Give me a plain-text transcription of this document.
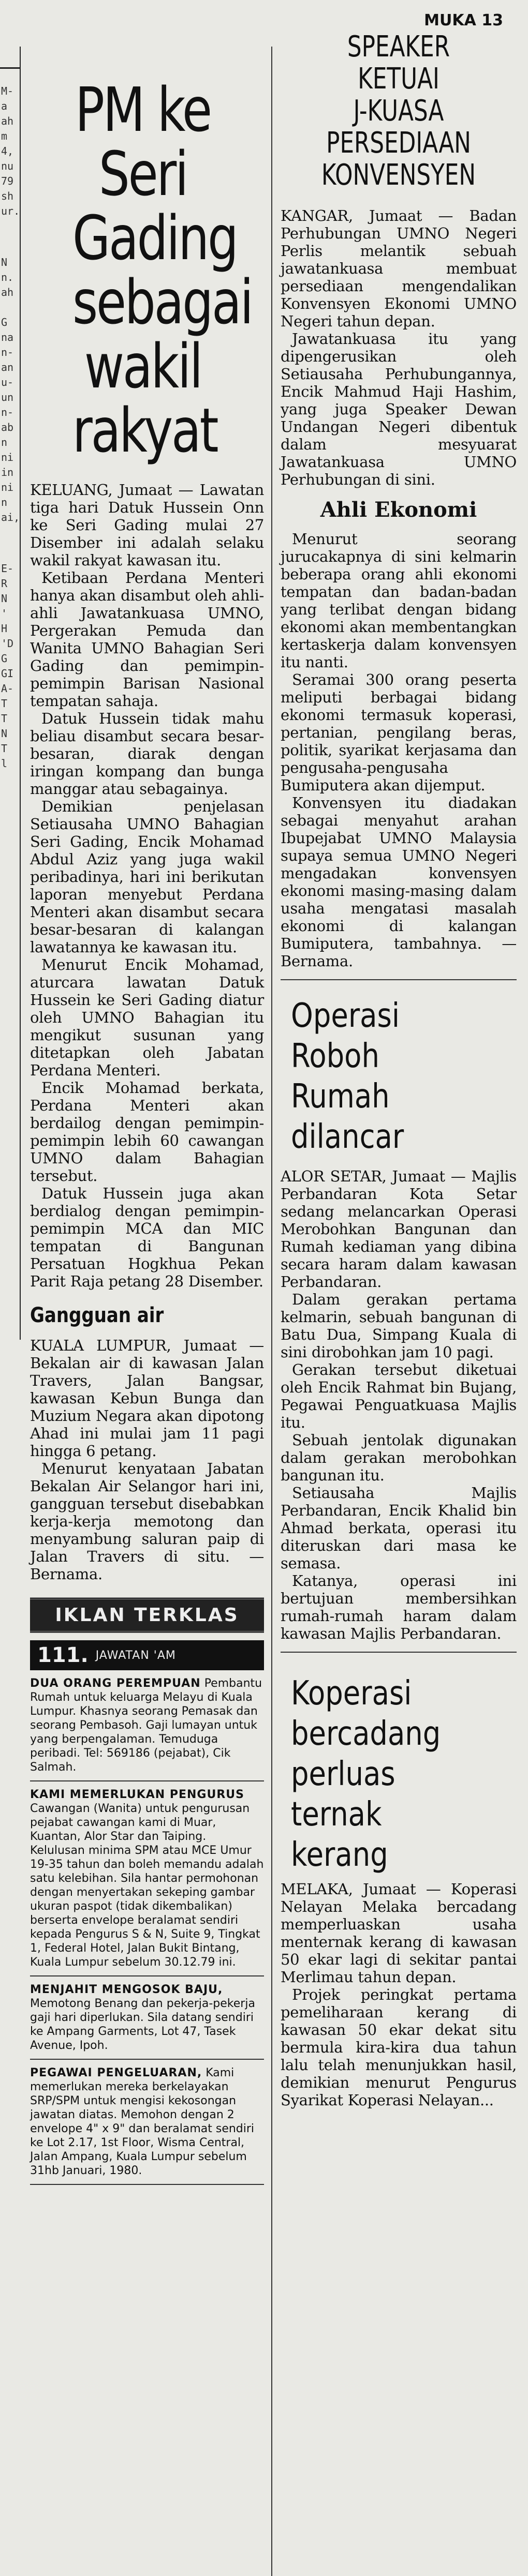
MUKA 13

M-
a
ah
m
4,
nu
79
sh
ur.
N
n.
ah

G
na
n-
an
u-
un
n-
ab
n
ni
in
ni
n
ai,
E-
R
N
'
H
'D
G
GI
A-
T
T
N
T
l
PM ke
Seri
Gading
sebagai
wakil
rakyat

KELUANG, Jumaat — Lawatan tiga hari Datuk Hussein Onn ke Seri Gading mulai 27 Disember ini adalah selaku wakil rakyat kawasan itu.

Ketibaan Perdana Menteri hanya akan disambut oleh ahli-ahli Jawatankuasa UMNO, Pergerakan Pemuda dan Wanita UMNO Bahagian Seri Gading dan pemimpin-pemimpin Barisan Nasional tempatan sahaja.

Datuk Hussein tidak mahu beliau disambut secara besar-besaran, diarak dengan iringan kompang dan bunga manggar atau sebagainya.

Demikian penjelasan Setiausaha UMNO Bahagian Seri Gading, Encik Mohamad Abdul Aziz yang juga wakil peribadinya, hari ini berikutan laporan menyebut Perdana Menteri akan disambut secara besar-besaran di kalangan lawatannya ke kawasan itu.

Menurut Encik Mohamad, aturcara lawatan Datuk Hussein ke Seri Gading diatur oleh UMNO Bahagian itu mengikut susunan yang ditetapkan oleh Jabatan Perdana Menteri.

Encik Mohamad berkata, Perdana Menteri akan berdailog dengan pemimpin-pemimpin lebih 60 cawangan UMNO dalam Bahagian tersebut.

Datuk Hussein juga akan berdialog dengan pemimpin-pemimpin MCA dan MIC tempatan di Bangunan Persatuan Hogkhua Pekan Parit Raja petang 28 Disember.

Gangguan air

KUALA LUMPUR, Jumaat — Bekalan air di kawasan Jalan Travers, Jalan Bangsar, kawasan Kebun Bunga dan Muzium Negara akan dipotong Ahad ini mulai jam 11 pagi hingga 6 petang.

Menurut kenyataan Jabatan Bekalan Air Selangor hari ini, gangguan tersebut disebabkan kerja-kerja memotong dan menyambung saluran paip di Jalan Travers di situ. — Bernama.

IKLAN TERKLAS
111. JAWATAN 'AM

DUA ORANG PEREMPUAN Pembantu Rumah untuk keluarga Melayu di Kuala Lumpur. Khasnya seorang Pemasak dan seorang Pembasoh. Gaji lumayan untuk yang berpengalaman. Temuduga peribadi. Tel: 569186 (pejabat), Cik Salmah.

KAMI MEMERLUKAN PENGURUS Cawangan (Wanita) untuk pengurusan pejabat cawangan kami di Muar, Kuantan, Alor Star dan Taiping. Kelulusan minima SPM atau MCE Umur 19-35 tahun dan boleh memandu adalah satu kelebihan. Sila hantar permohonan dengan menyertakan sekeping gambar ukuran paspot (tidak dikembalikan) berserta envelope beralamat sendiri kepada Pengurus S & N, Suite 9, Tingkat 1, Federal Hotel, Jalan Bukit Bintang, Kuala Lumpur sebelum 30.12.79 ini.

MENJAHIT MENGOSOK BAJU, Memotong Benang dan pekerja-pekerja gaji hari diperlukan. Sila datang sendiri ke Ampang Garments, Lot 47, Tasek Avenue, Ipoh.

PEGAWAI PENGELUARAN, Kami memerlukan mereka berkelayakan SRP/SPM untuk mengisi kekosongan jawatan diatas. Memohon dengan 2 envelope 4" x 9" dan beralamat sendiri ke Lot 2.17, 1st Floor, Wisma Central, Jalan Ampang, Kuala Lumpur sebelum 31hb Januari, 1980.

SPEAKER
KETUAI
J-KUASA
PERSEDIAAN
KONVENSYEN

KANGAR, Jumaat — Badan Perhubungan UMNO Negeri Perlis melantik sebuah jawatankuasa membuat persediaan mengendalikan Konvensyen Ekonomi UMNO Negeri tahun depan.

Jawatankuasa itu yang dipengerusikan oleh Setiausaha Perhubungannya, Encik Mahmud Haji Hashim, yang juga Speaker Dewan Undangan Negeri dibentuk dalam mesyuarat Jawatankuasa UMNO Perhubungan di sini.

Ahli Ekonomi

Menurut seorang jurucakapnya di sini kelmarin beberapa orang ahli ekonomi tempatan dan badan-badan yang terlibat dengan bidang ekonomi akan membentangkan kertaskerja dalam konvensyen itu nanti.

Seramai 300 orang peserta meliputi berbagai bidang ekonomi termasuk koperasi, pertanian, pengilang beras, politik, syarikat kerjasama dan pengusaha-pengusaha Bumiputera akan dijemput.

Konvensyen itu diadakan sebagai menyahut arahan Ibupejabat UMNO Malaysia supaya semua UMNO Negeri mengadakan konvensyen ekonomi masing-masing dalam usaha mengatasi masalah ekonomi di kalangan Bumiputera, tambahnya. — Bernama.

Operasi
Roboh
Rumah
dilancar

ALOR SETAR, Jumaat — Majlis Perbandaran Kota Setar sedang melancarkan Operasi Merobohkan Bangunan dan Rumah kediaman yang dibina secara haram dalam kawasan Perbandaran.

Dalam gerakan pertama kelmarin, sebuah bangunan di Batu Dua, Simpang Kuala di sini dirobohkan jam 10 pagi.

Gerakan tersebut diketuai oleh Encik Rahmat bin Bujang, Pegawai Penguatkuasa Majlis itu.

Sebuah jentolak digunakan dalam gerakan merobohkan bangunan itu.

Setiausaha Majlis Perbandaran, Encik Khalid bin Ahmad berkata, operasi itu diteruskan dari masa ke semasa.

Katanya, operasi ini bertujuan membersihkan rumah-rumah haram dalam kawasan Majlis Perbandaran.

Koperasi
bercadang
perluas
ternak
kerang

MELAKA, Jumaat — Koperasi Nelayan Melaka bercadang memperluaskan usaha menternak kerang di kawasan 50 ekar lagi di sekitar pantai Merlimau tahun depan.

Projek peringkat pertama pemeliharaan kerang di kawasan 50 ekar dekat situ bermula kira-kira dua tahun lalu telah menunjukkan hasil, demikian menurut Pengurus Syarikat Koperasi Nelayan...
